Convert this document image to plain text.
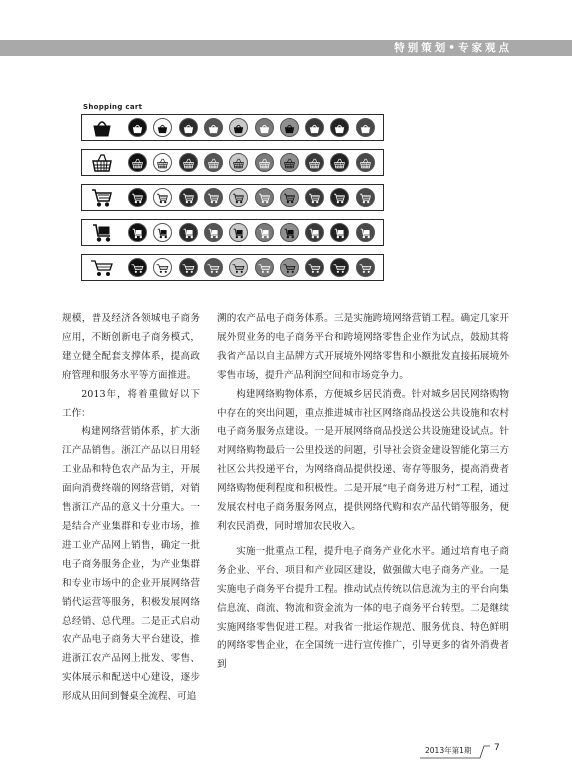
特别策划•专家观点
Shopping cart

规模，普及经济各领城电子商务应用，不断创新电子商务模式，建立健全配套支撑体系，提高政府管理和服务水平等方面推进。

2013年，将着重做好以下工作：

构建网络营销体系，扩大浙江产品销售。浙江产品以日用轻工业品和特色农产品为主，开展面向消费终端的网络营销，对销售浙江产品的意义十分重大。一是结合产业集群和专业市场，推进工业产品网上销售，确定一批电子商务服务企业，为产业集群和专业市场中的企业开展网络营销代运营等服务，积极发展网络总经销、总代理。二是正式启动农产品电子商务大平台建设，推进浙江农产品网上批发、零售、实体展示和配送中心建设，逐步形成从田间到餐桌全流程、可追

溯的农产品电子商务体系。三是实施跨境网络营销工程。确定几家开展外贸业务的电子商务平台和跨境网络零售企业作为试点，鼓励其将我省产品以自主品牌方式开展境外网络零售和小额批发直接拓展境外零售市场，提升产品利润空间和市场竞争力。

构建网络购物体系，方便城乡居民消费。针对城乡居民网络购物中存在的突出问题，重点推进城市社区网络商品投送公共设施和农村电子商务服务点建设。一是开展网络商品投送公共设施建设试点。针对网络购物最后一公里投送的问题，引导社会资金建设智能化第三方社区公共投递平台，为网络商品提供投递、寄存等服务，提高消费者网络购物便利程度和积极性。二是开展“电子商务进万村”工程，通过发展农村电子商务服务网点，提供网络代购和农产品代销等服务，便利农民消费，同时增加农民收入。

实施一批重点工程，提升电子商务产业化水平。通过培育电子商务企业、平台、项目和产业园区建设，做强做大电子商务产业。一是实施电子商务平台提升工程。推动试点传统以信息流为主的平台向集信息流、商流、物流和资金流为一体的电子商务平台转型。二是继续实施网络零售促进工程。对我省一批运作规范、服务优良、特色鲜明的网络零售企业，在全国统一进行宣传推广，引导更多的省外消费者到

2013年第1期	7
